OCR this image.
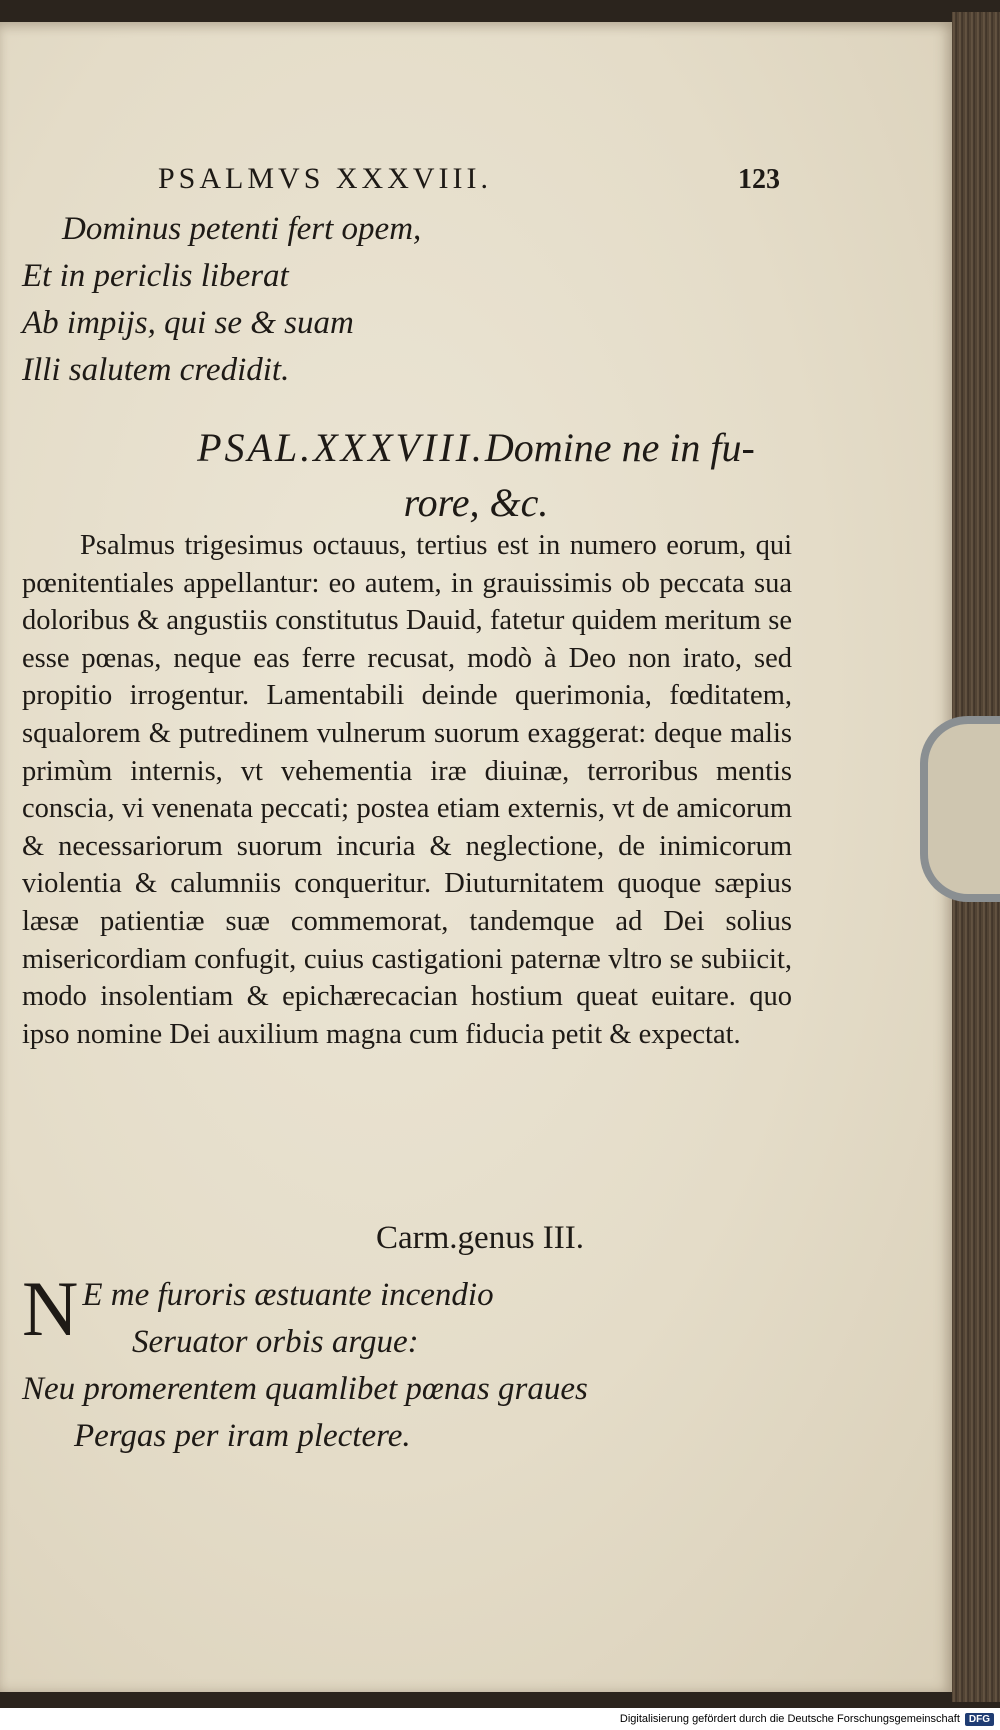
PSALMVS XXXVIII.	123
Dominus petenti fert opem,
Et in periclis liberat
Ab impijs, qui se & suam
Illi salutem credidit.
PSAL.XXXVIII.Domine ne in fu-
rore, &c.
Psalmus trigesimus octauus, tertius est in numero eorum, qui pœnitentiales appellantur: eo autem, in grauissimis ob peccata sua doloribus & angustiis constitutus Dauid, fatetur quidem meritum se esse pœnas, neque eas ferre recusat, modò à Deo non irato, sed propitio irrogentur. Lamentabili deinde querimonia, fœditatem, squalorem & putredinem vulnerum suorum exaggerat: deque malis primùm internis, vt vehementia iræ diuinæ, terroribus mentis conscia, vi venenata peccati; postea etiam externis, vt de amicorum & necessariorum suorum incuria & neglectione, de inimicorum violentia & calumniis conqueritur. Diuturnitatem quoque sæpius læsæ patientiæ suæ commemorat, tandemque ad Dei solius misericordiam confugit, cuius castigationi paternæ vltro se subiicit, modo insolentiam & epichærecacian hostium queat euitare. quo ipso nomine Dei auxilium magna cum fiducia petit & expectat.
Carm.genus III.
N E me furoris æstuante incendio
Seruator orbis argue:
Neu promerentem quamlibet pœnas graues
Pergas per iram plectere.
Digitalisierung gefördert durch die Deutsche Forschungsgemeinschaft DFG
